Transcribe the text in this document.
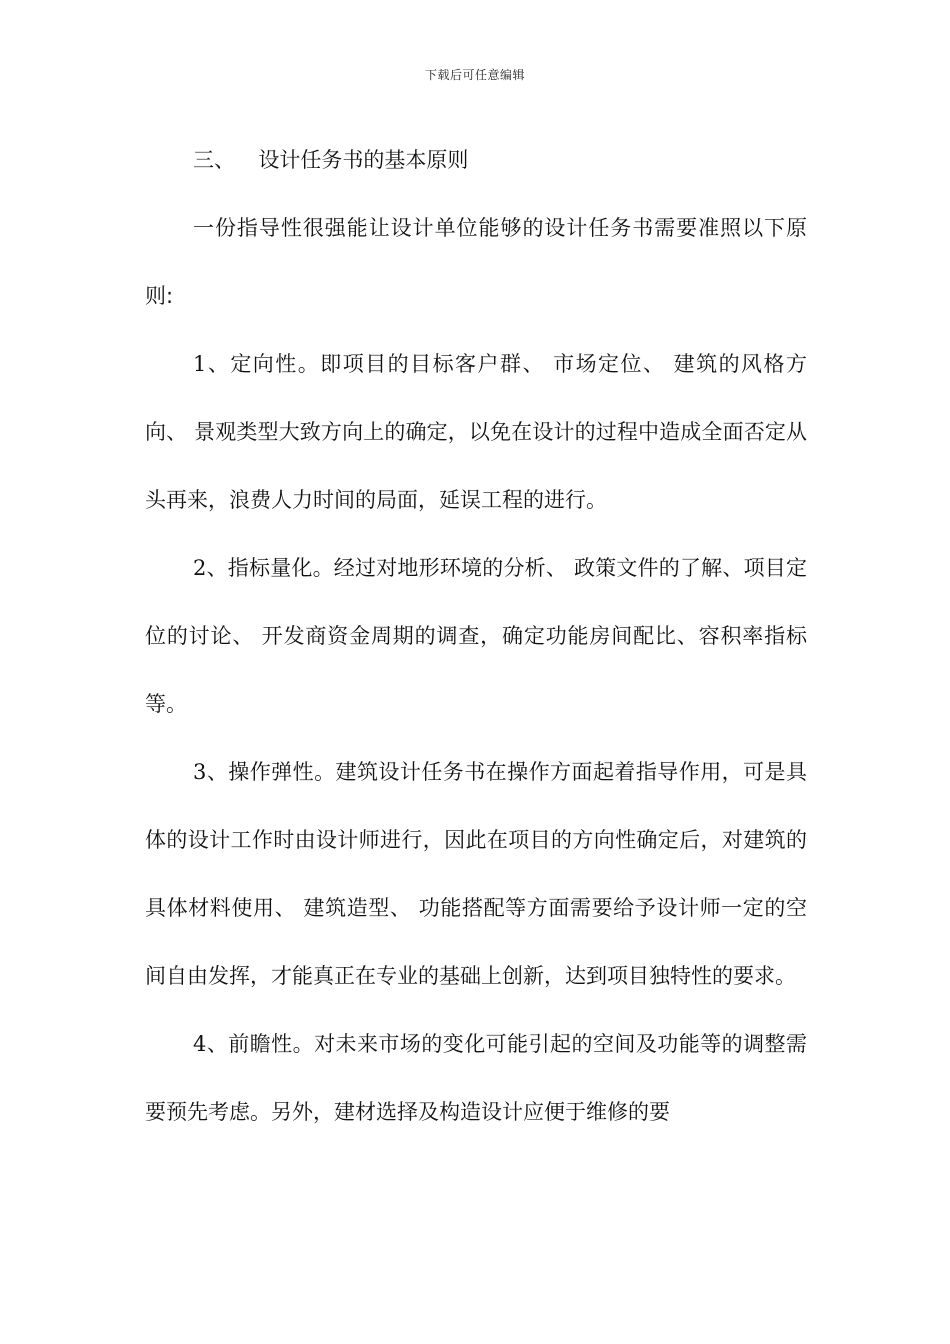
下载后可任意编辑

三、 设计任务书的基本原则

一份指导性很强能让设计单位能够的设计任务书需要准照以下原则:

1、定向性。即项目的目标客户群、 市场定位、 建筑的风格方向、 景观类型大致方向上的确定，以免在设计的过程中造成全面否定从头再来，浪费人力时间的局面，延误工程的进行。

2、指标量化。经过对地形环境的分析、 政策文件的了解、项目定位的讨论、 开发商资金周期的调查，确定功能房间配比、容积率指标等。

3、操作弹性。建筑设计任务书在操作方面起着指导作用，可是具体的设计工作时由设计师进行，因此在项目的方向性确定后，对建筑的具体材料使用、 建筑造型、 功能搭配等方面需要给予设计师一定的空间自由发挥，才能真正在专业的基础上创新，达到项目独特性的要求。

4、前瞻性。对未来市场的变化可能引起的空间及功能等的调整需要预先考虑。另外，建材选择及构造设计应便于维修的要
